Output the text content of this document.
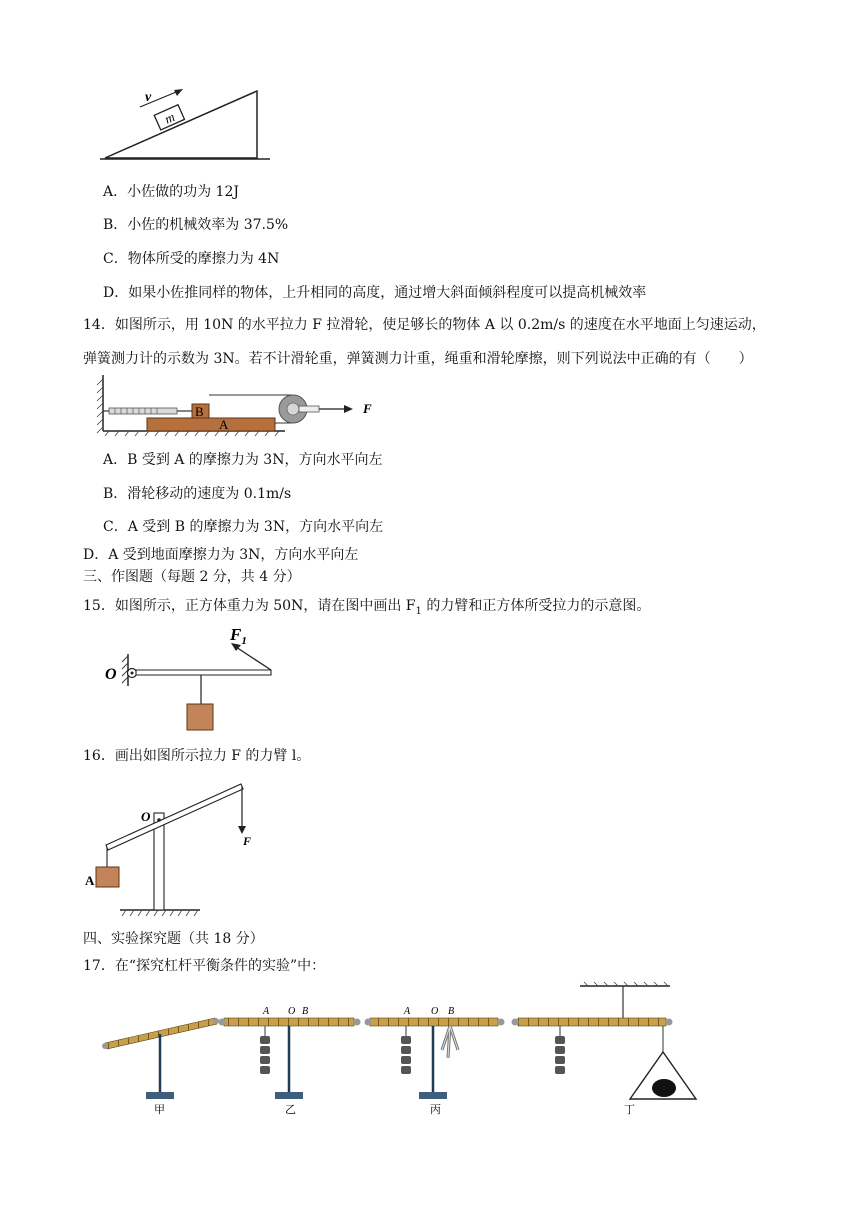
m
v
A．小佐做的功为 12J
B．小佐的机械效率为 37.5%
C．物体所受的摩擦力为 4N
D．如果小佐推同样的物体，上升相同的高度，通过增大斜面倾斜程度可以提高机械效率
14．如图所示，用 10N 的水平拉力 F 拉滑轮，使足够长的物体 A 以 0.2m/s 的速度在水平地面上匀速运动，
弹簧测力计的示数为 3N。若不计滑轮重，弹簧测力计重，绳重和滑轮摩擦，则下列说法中正确的有（　　）
A
B	F
A．B 受到 A 的摩擦力为 3N，方向水平向左
B．滑轮移动的速度为 0.1m/s
C．A 受到 B 的摩擦力为 3N，方向水平向左
D．A 受到地面摩擦力为 3N，方向水平向左
三、作图题（每题 2 分，共 4 分）
15．如图所示，正方体重力为 50N，请在图中画出 $F_1$ 的力臂和正方体所受拉力的示意图。
$F_1$
O
16．画出如图所示拉力 F 的力臂 l。
O
F
A
四、实验探究题（共 18 分）
17．在“探究杠杆平衡条件的实验”中：
甲
A O B
乙
A O B
丙	丁
